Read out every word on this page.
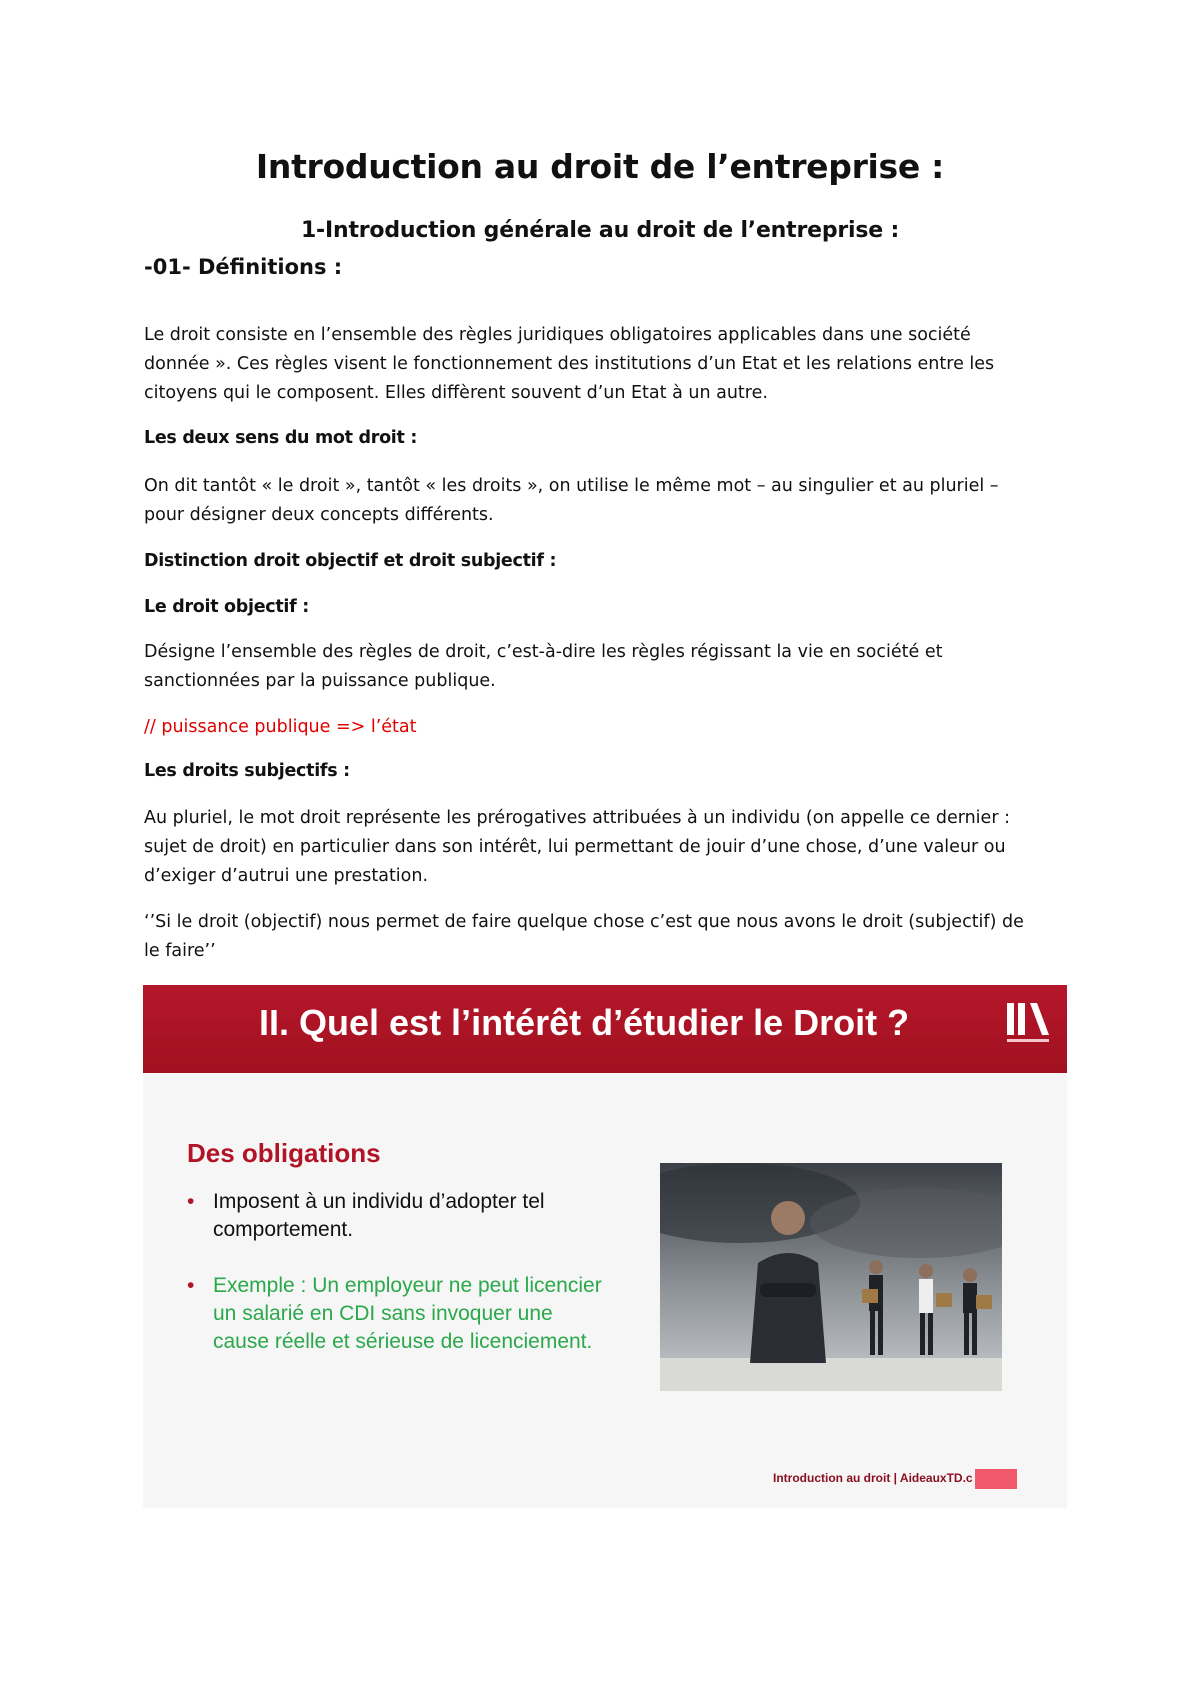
Introduction au droit de l’entreprise :
1-Introduction générale au droit de l’entreprise :
-01- Définitions :
Le droit consiste en l’ensemble des règles juridiques obligatoires applicables dans une société
donnée ». Ces règles visent le fonctionnement des institutions d’un Etat et les relations entre les
citoyens qui le composent. Elles diffèrent souvent d’un Etat à un autre.
Les deux sens du mot droit :
On dit tantôt « le droit », tantôt « les droits », on utilise le même mot – au singulier et au pluriel –
pour désigner deux concepts différents.
Distinction droit objectif et droit subjectif :
Le droit objectif :
Désigne l’ensemble des règles de droit, c’est-à-dire les règles régissant la vie en société et
sanctionnées par la puissance publique.
// puissance publique => l’état
Les droits subjectifs :
Au pluriel, le mot droit représente les prérogatives attribuées à un individu (on appelle ce dernier :
sujet de droit) en particulier dans son intérêt, lui permettant de jouir d’une chose, d’une valeur ou
d’exiger d’autrui une prestation.
‘’Si le droit (objectif) nous permet de faire quelque chose c’est que nous avons le droit (subjectif) de
le faire’’
II. Quel est l’intérêt d’étudier le Droit ?
Des obligations
• Imposent à un individu d’adopter tel
comportement.
• Exemple : Un employeur ne peut licencier
un salarié en CDI sans invoquer une
cause réelle et sérieuse de licenciement.
Introduction au droit | AideauxTD.c
